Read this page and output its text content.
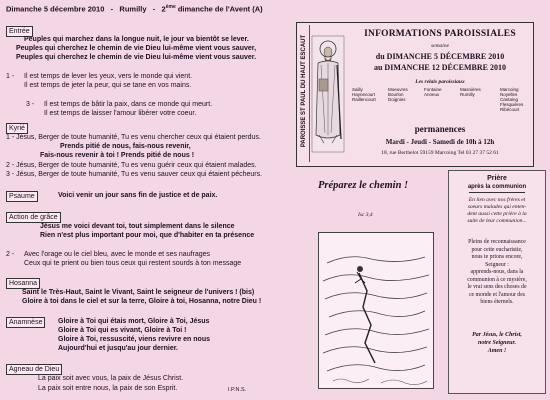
Dimanche 5 décembre 2010 - Rumilly - 2ème dimanche de l'Avent (A)
Entrée
Peuples qui marchez dans la longue nuit, le jour va bientôt se lever.
Peuples qui cherchez le chemin de vie Dieu lui-même vient vous sauver,
Peuples qui cherchez le chemin de vie Dieu lui-même vient vous sauver.
1 - Il est temps de lever les yeux, vers le monde qui vient.
Il est temps de jeter la peur, qui se tane en vos mains.
3 - Il est temps de bâtir la paix, dans ce monde qui meurt.
Il est temps de laisser l'amour libérer votre coeur.
Kyrié
1 - Jésus, Berger de toute humanité, Tu es venu chercher ceux qui étaient perdus.
Prends pitié de nous, fais-nous revenir,
Fais-nous revenir à toi ! Prends pitié de nous !
2 - Jésus, Berger de toute humanité, Tu es venu guérir ceux qui étaient malades.
3 - Jésus, Berger de toute humanité, Tu es venu sauver ceux qui étaient pécheurs.
Psaume	Voici venir un jour sans fin de justice et de paix.
Action de grâce
Jésus me voici devant toi, tout simplement dans le silence
Rien n'est plus important pour moi, que d'habiter en ta présence
2 - Avec l'orage ou le ciel bleu, avec le monde et ses naufrages
Ceux qui te prient ou bien tous ceux qui restent sourds à ton message
Hosanna
Saint le Très-Haut, Saint le Vivant, Saint le seigneur de l'univers ! (bis)
Gloire à toi dans le ciel et sur la terre, Gloire à toi, Hosanna, notre Dieu !
Anamnèse	Gloire à Toi qui étais mort, Gloire à Toi, Jésus
Gloire à Toi qui es vivant, Gloire à Toi !
Gloire à Toi, ressuscité, viens revivre en nous
Aujourd'hui et jusqu'au jour dernier.
Agneau de Dieu
La paix soit avec vous, la paix de Jésus Christ.
La paix soit entre nous, la paix de son Esprit.	I.P.N.S.
PAROISSE ST PAUL DU HAUT ESCAUT
INFORMATIONS PAROISSIALES
semaine
du DIMANCHE 5 DÉCEMBRE 2010
au DIMANCHE 12 DÉCEMBRE 2010
Les relais paroissiaux
Sailly
Haynecourt
Raillencourt
Moeuvres
Bourlon
Doignies
Fontaine
Anneux
Masnières
Rumilly
Marcoing
Noyelles
Cantaing
Flesquières
Ribécourt
permanences
Mardi - Jeudi - Samedi de 10h à 12h
18, rue Berthelot 59159 Marcoing Tel 03 27 37 52 61
Préparez le chemin !
Isc 3,4
Prière
après la communion
En lien avec nos frères et
soeurs malades qui enten-
dent aussi cette prière à la
suite de leur communion...
Pleins de reconnaissance
pour cette eucharistie,
nous te prions encore,
Seigneur :
apprends-nous, dans la
communion à ce mystère,
le vrai sens des choses de
ce monde et l'amour des
biens éternels.
Par Jésus, le Christ,
notre Seigneur.
Amen !
